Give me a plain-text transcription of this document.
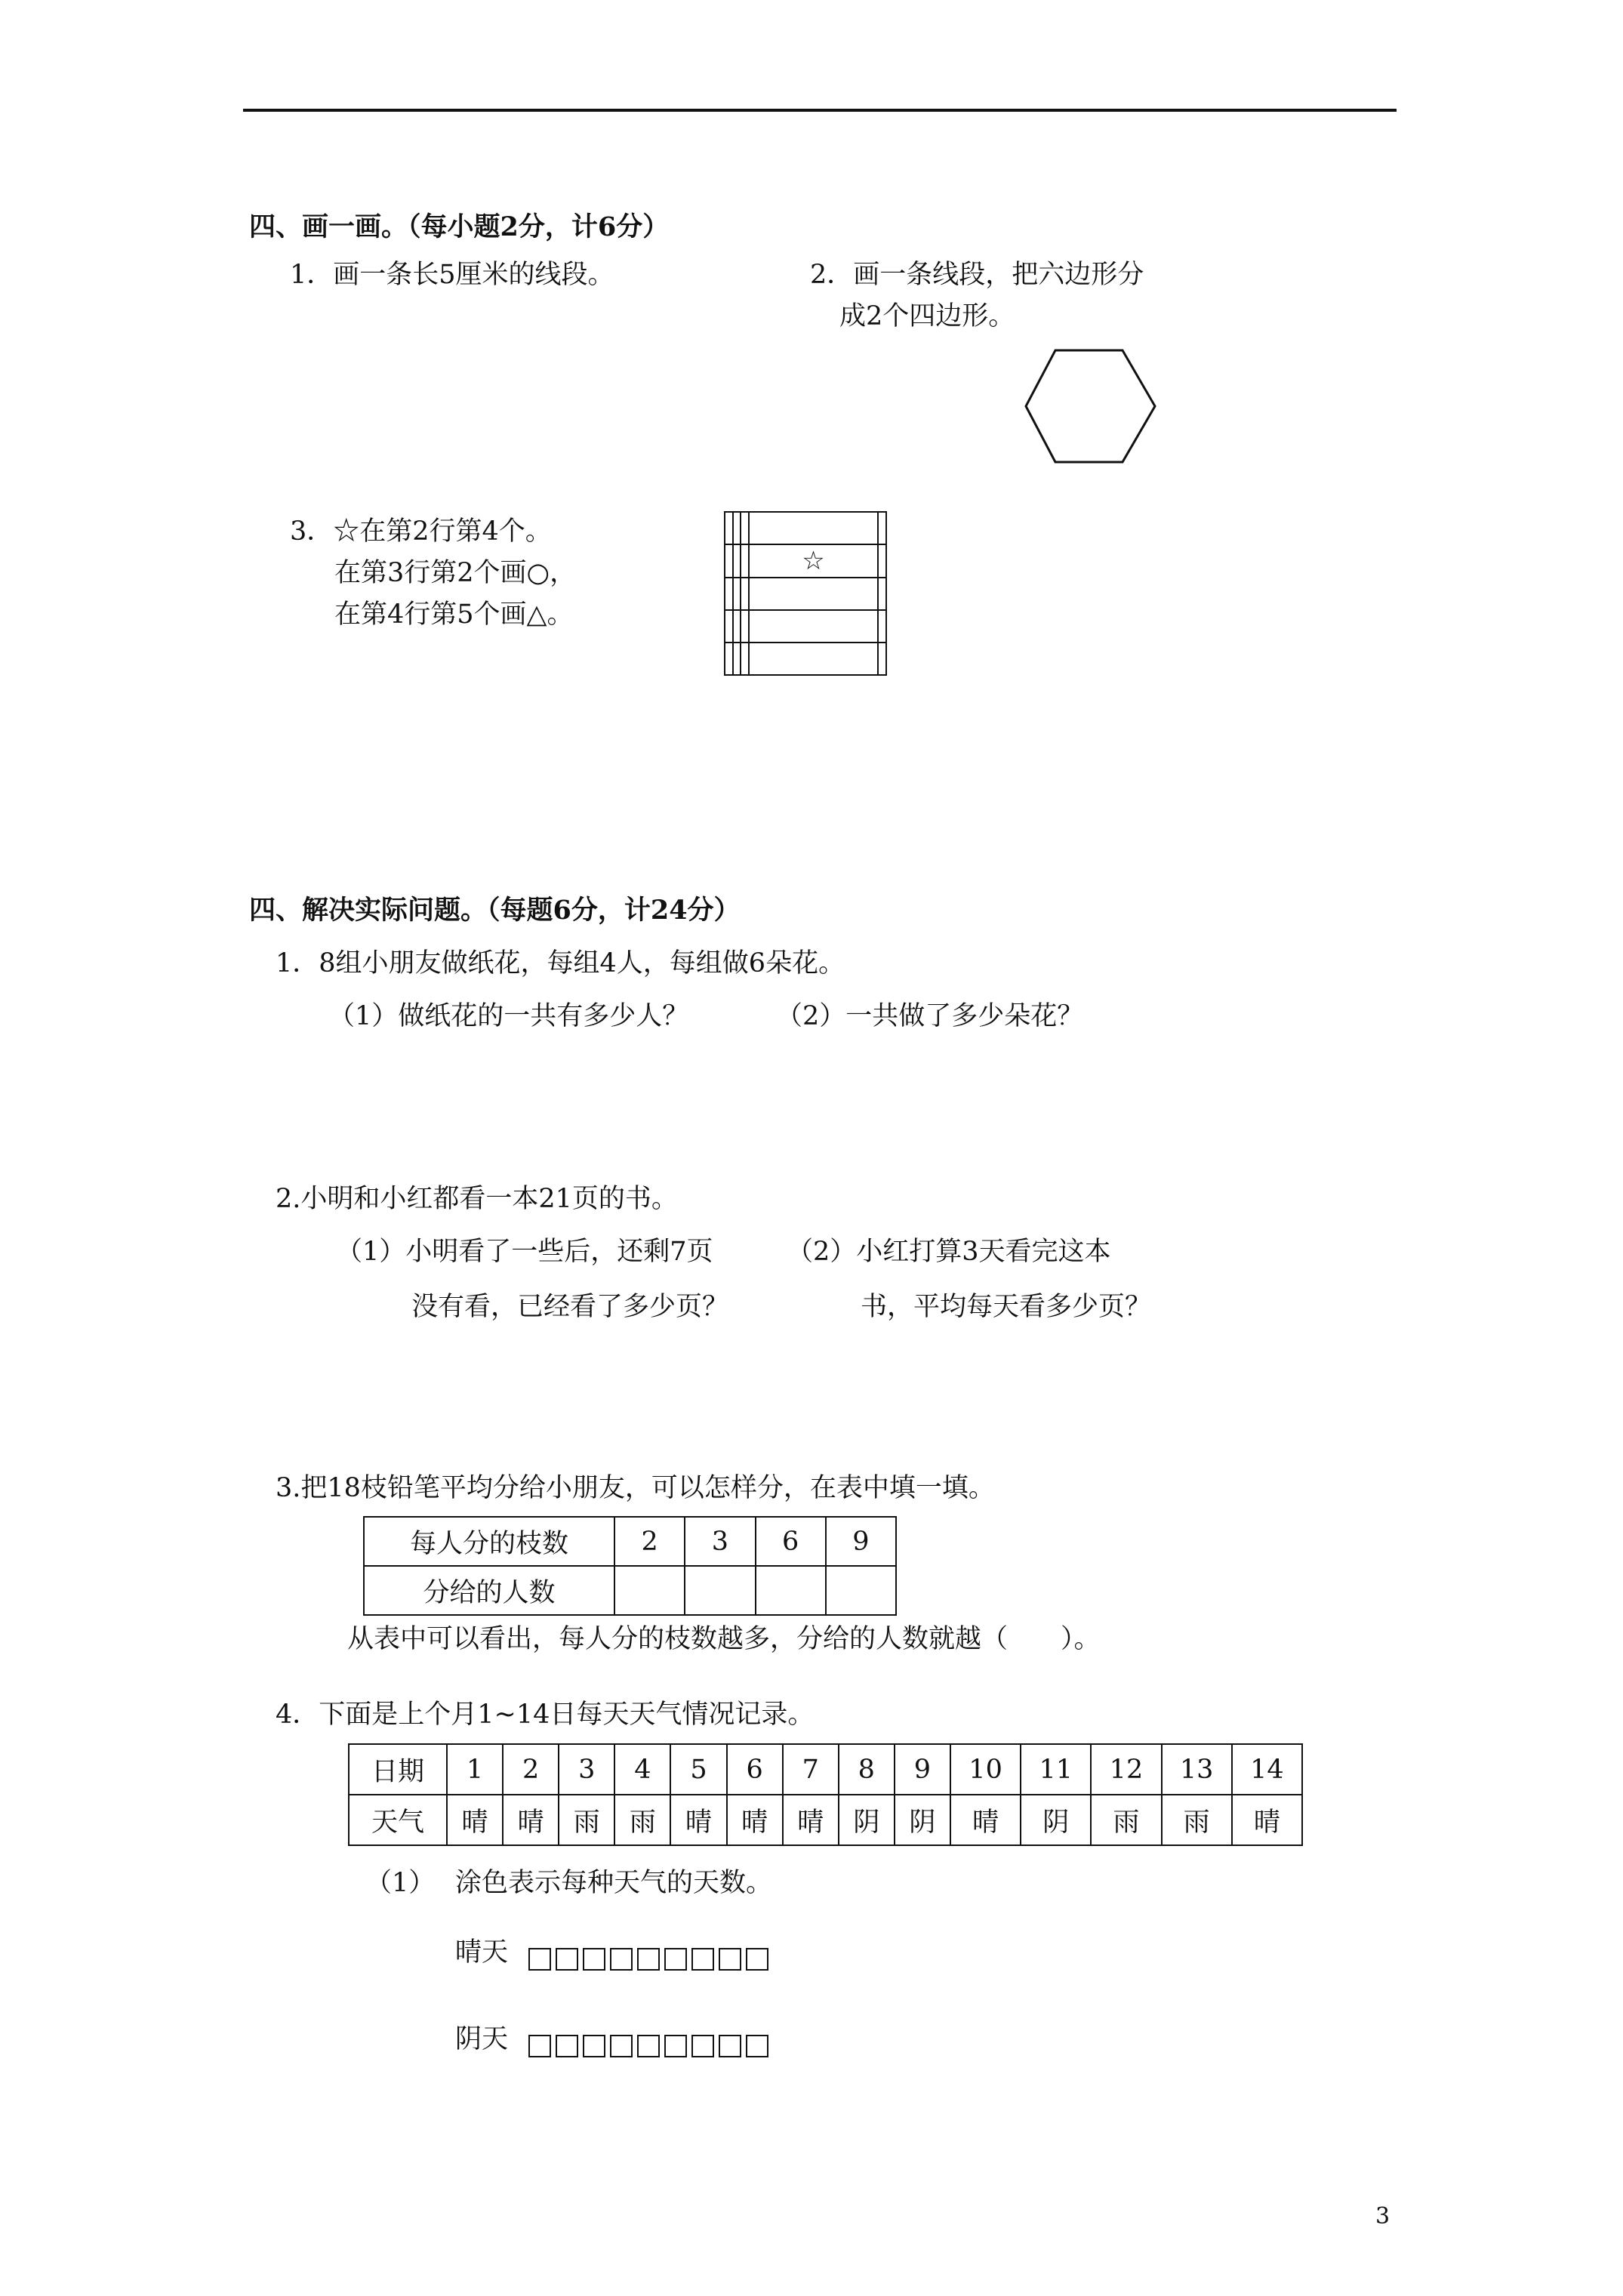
四、画一画。（每小题2分，计6分）
1．画一条长5厘米的线段。	2．画一条线段，把六边形分
成2个四边形。
3．☆在第2行第4个。
在第3行第2个画○，
在第4行第5个画△。

			☆	

四、解决实际问题。（每题6分，计24分）
1．8组小朋友做纸花，每组4人，每组做6朵花。
（1）做纸花的一共有多少人？	（2）一共做了多少朵花？
2.小明和小红都看一本21页的书。
（1）小明看了一些后，还剩7页
没有看，已经看了多少页？
（2）小红打算3天看完这本
书，平均每天看多少页？
3.把18枝铅笔平均分给小朋友，可以怎样分，在表中填一填。
每人分的枝数	2	3	6	9
分给的人数				
从表中可以看出，每人分的枝数越多，分给的人数就越（　　）。
4．下面是上个月1~14日每天天气情况记录。
日期	1	2	3	4	5	6	7	8	9	10	11	12	13	14
天气	晴	晴	雨	雨	晴	晴	晴	阴	阴	晴	阴	雨	雨	晴
（1） 涂色表示每种天气的天数。
晴天
阴天
3
